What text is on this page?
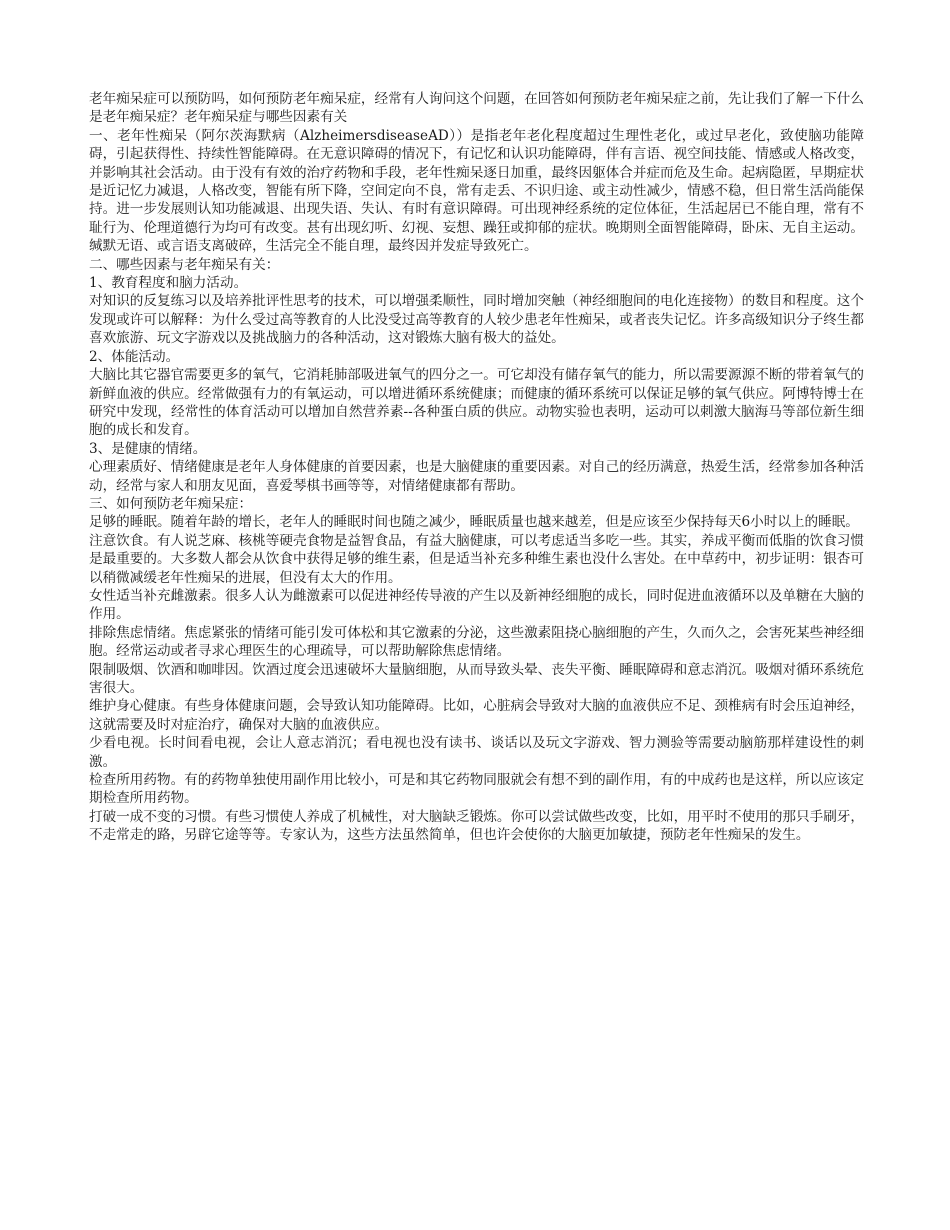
老年痴呆症可以预防吗，如何预防老年痴呆症，经常有人询问这个问题，在回答如何预防老年痴呆症之前，先让我们了解一下什么是老年痴呆症？老年痴呆症与哪些因素有关

一、老年性痴呆（阿尔茨海默病（AlzheimersdiseaseAD））是指老年老化程度超过生理性老化，或过早老化，致使脑功能障碍，引起获得性、持续性智能障碍。在无意识障碍的情况下，有记忆和认识功能障碍，伴有言语、视空间技能、情感或人格改变，并影响其社会活动。由于没有有效的治疗药物和手段，老年性痴呆逐日加重，最终因躯体合并症而危及生命。起病隐匿，早期症状是近记忆力减退，人格改变，智能有所下降，空间定向不良，常有走丢、不识归途、或主动性减少，情感不稳，但日常生活尚能保持。进一步发展则认知功能减退、出现失语、失认、有时有意识障碍。可出现神经系统的定位体征，生活起居已不能自理，常有不耻行为、伦理道德行为均可有改变。甚有出现幻听、幻视、妄想、躁狂或抑郁的症状。晚期则全面智能障碍，卧床、无自主运动。缄默无语、或言语支离破碎，生活完全不能自理，最终因并发症导致死亡。

二、哪些因素与老年痴呆有关：

1、教育程度和脑力活动。

对知识的反复练习以及培养批评性思考的技术，可以增强柔顺性，同时增加突触（神经细胞间的电化连接物）的数目和程度。这个发现或许可以解释：为什么受过高等教育的人比没受过高等教育的人较少患老年性痴呆，或者丧失记忆。许多高级知识分子终生都喜欢旅游、玩文字游戏以及挑战脑力的各种活动，这对锻炼大脑有极大的益处。

2、体能活动。

大脑比其它器官需要更多的氧气，它消耗肺部吸进氧气的四分之一。可它却没有储存氧气的能力，所以需要源源不断的带着氧气的新鲜血液的供应。经常做强有力的有氧运动，可以增进循环系统健康；而健康的循环系统可以保证足够的氧气供应。阿博特博士在研究中发现，经常性的体育活动可以增加自然营养素--各种蛋白质的供应。动物实验也表明，运动可以刺激大脑海马等部位新生细胞的成长和发育。

3、是健康的情绪。

心理素质好、情绪健康是老年人身体健康的首要因素，也是大脑健康的重要因素。对自己的经历满意，热爱生活，经常参加各种活动，经常与家人和朋友见面，喜爱琴棋书画等等，对情绪健康都有帮助。

三、如何预防老年痴呆症：

足够的睡眠。随着年龄的增长，老年人的睡眠时间也随之减少，睡眠质量也越来越差，但是应该至少保持每天6小时以上的睡眠。

注意饮食。有人说芝麻、核桃等硬壳食物是益智食品，有益大脑健康，可以考虑适当多吃一些。其实，养成平衡而低脂的饮食习惯是最重要的。大多数人都会从饮食中获得足够的维生素，但是适当补充多种维生素也没什么害处。在中草药中，初步证明：银杏可以稍微减缓老年性痴呆的进展，但没有太大的作用。

女性适当补充雌激素。很多人认为雌激素可以促进神经传导液的产生以及新神经细胞的成长，同时促进血液循环以及单糖在大脑的作用。

排除焦虑情绪。焦虑紧张的情绪可能引发可体松和其它激素的分泌，这些激素阻挠心脑细胞的产生，久而久之，会害死某些神经细胞。经常运动或者寻求心理医生的心理疏导，可以帮助解除焦虑情绪。

限制吸烟、饮酒和咖啡因。饮酒过度会迅速破坏大量脑细胞，从而导致头晕、丧失平衡、睡眠障碍和意志消沉。吸烟对循环系统危害很大。

维护身心健康。有些身体健康问题，会导致认知功能障碍。比如，心脏病会导致对大脑的血液供应不足、颈椎病有时会压迫神经，这就需要及时对症治疗，确保对大脑的血液供应。

少看电视。长时间看电视，会让人意志消沉；看电视也没有读书、谈话以及玩文字游戏、智力测验等需要动脑筋那样建设性的刺激。

检查所用药物。有的药物单独使用副作用比较小，可是和其它药物同服就会有想不到的副作用，有的中成药也是这样，所以应该定期检查所用药物。

打破一成不变的习惯。有些习惯使人养成了机械性，对大脑缺乏锻炼。你可以尝试做些改变，比如，用平时不使用的那只手刷牙，不走常走的路，另辟它途等等。专家认为，这些方法虽然简单，但也许会使你的大脑更加敏捷，预防老年性痴呆的发生。
